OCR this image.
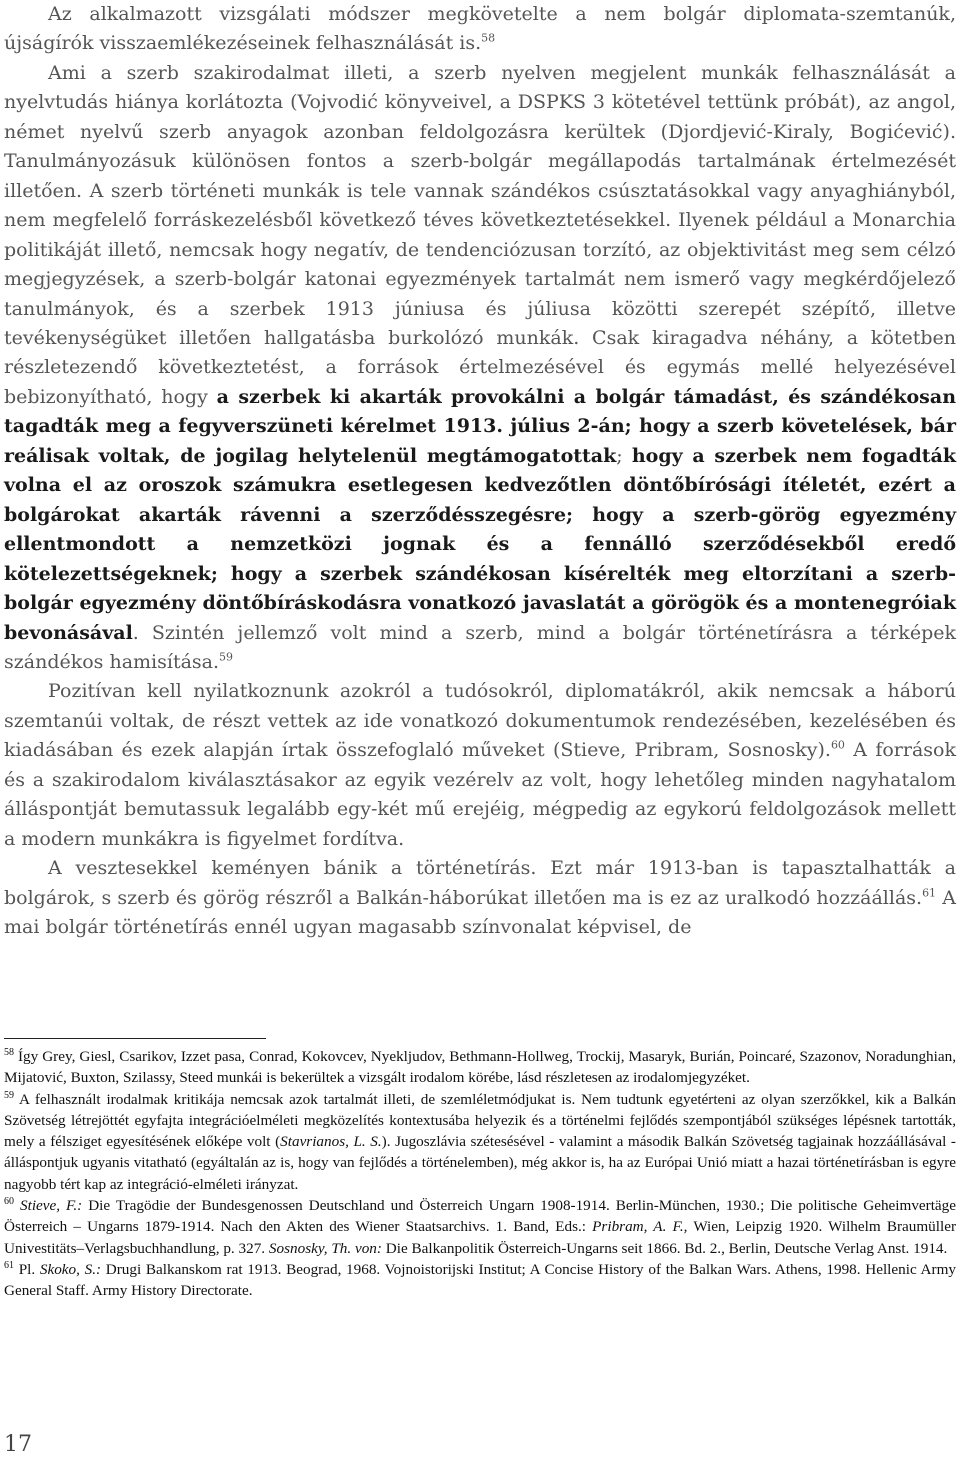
Az alkalmazott vizsgálati módszer megkövetelte a nem bolgár diplomata-szemtanúk, újságírók visszaemlékezéseinek felhasználását is.$^{58}$

Ami a szerb szakirodalmat illeti, a szerb nyelven megjelent munkák felhasználását a nyelvtudás hiánya korlátozta (Vojvodić könyveivel, a DSPKS 3 kötetével tettünk próbát), az angol, német nyelvű szerb anyagok azonban feldolgozásra kerültek (Djordjević-Kiraly, Bogićević). Tanulmányozásuk különösen fontos a szerb-bolgár megállapodás tartalmának értelmezését illetően. A szerb történeti munkák is tele vannak szándékos csúsztatásokkal vagy anyaghiányból, nem megfelelő forráskezelésből következő téves következtetésekkel. Ilyenek például a Monarchia politikáját illető, nemcsak hogy negatív, de tendenciózusan torzító, az objektivitást meg sem célzó megjegyzések, a szerb-bolgár katonai egyezmények tartalmát nem ismerő vagy megkérdőjelező tanulmányok, és a szerbek 1913 júniusa és júliusa közötti szerepét szépítő, illetve tevékenységüket illetően hallgatásba burkolózó munkák. Csak kiragadva néhány, a kötetben részletezendő következtetést, a források értelmezésével és egymás mellé helyezésével bebizonyítható, hogy a szerbek ki akarták provokálni a bolgár támadást, és szándékosan tagadták meg a fegyverszüneti kérelmet 1913. július 2-án; hogy a szerb követelések, bár reálisak voltak, de jogilag helytelenül megtámogatottak; hogy a szerbek nem fogadták volna el az oroszok számukra esetlegesen kedvezőtlen döntőbírósági ítéletét, ezért a bolgárokat akarták rávenni a szerződésszegésre; hogy a szerb-görög egyezmény ellentmondott a nemzetközi jognak és a fennálló szerződésekből eredő kötelezettségeknek; hogy a szerbek szándékosan kísérelték meg eltorzítani a szerb-bolgár egyezmény döntőbíráskodásra vonatkozó javaslatát a görögök és a montenegróiak bevonásával. Szintén jellemző volt mind a szerb, mind a bolgár történetírásra a térképek szándékos hamisítása.$^{59}$

Pozitívan kell nyilatkoznunk azokról a tudósokról, diplomatákról, akik nemcsak a háború szemtanúi voltak, de részt vettek az ide vonatkozó dokumentumok rendezésében, kezelésében és kiadásában és ezek alapján írtak összefoglaló műveket (Stieve, Pribram, Sosnosky).$^{60}$ A források és a szakirodalom kiválasztásakor az egyik vezérelv az volt, hogy lehetőleg minden nagyhatalom álláspontját bemutassuk legalább egy-két mű erejéig, mégpedig az egykorú feldolgozások mellett a modern munkákra is figyelmet fordítva.

A vesztesekkel keményen bánik a történetírás. Ezt már 1913-ban is tapasztalhatták a bolgárok, s szerb és görög részről a Balkán-háborúkat illetően ma is ez az uralkodó hozzáállás.$^{61}$ A mai bolgár történetírás ennél ugyan magasabb színvonalat képvisel, de

$^{58}$ Így Grey, Giesl, Csarikov, Izzet pasa, Conrad, Kokovcev, Nyekljudov, Bethmann-Hollweg, Trockij, Masaryk, Burián, Poincaré, Szazonov, Noradunghian, Mijatović, Buxton, Szilassy, Steed munkái is bekerültek a vizsgált irodalom körébe, lásd részletesen az irodalomjegyzéket.

$^{59}$ A felhasznált irodalmak kritikája nemcsak azok tartalmát illeti, de szemléletmódjukat is. Nem tudtunk egyetérteni az olyan szerzőkkel, kik a Balkán Szövetség létrejöttét egyfajta integrációelméleti megközelítés kontextusába helyezik és a történelmi fejlődés szempontjából szükséges lépésnek tartották, mely a félsziget egyesítésének előképe volt (Stavrianos, L. S.). Jugoszlávia szétesésével - valamint a második Balkán Szövetség tagjainak hozzáállásával - álláspontjuk ugyanis vitatható (egyáltalán az is, hogy van fejlődés a történelemben), még akkor is, ha az Európai Unió miatt a hazai történetírásban is egyre nagyobb tért kap az integráció-elméleti irányzat.

$^{60}$ Stieve, F.: Die Tragödie der Bundesgenossen Deutschland und Österreich Ungarn 1908-1914. Berlin-München, 1930.; Die politische Geheimvertäge Österreich – Ungarns 1879-1914. Nach den Akten des Wiener Staatsarchivs. 1. Band, Eds.: Pribram, A. F., Wien, Leipzig 1920. Wilhelm Braumüller Univestitäts–Verlagsbuchhandlung, p. 327. Sosnosky, Th. von: Die Balkanpolitik Österreich-Ungarns seit 1866. Bd. 2., Berlin, Deutsche Verlag Anst. 1914.

$^{61}$ Pl. Skoko, S.: Drugi Balkanskom rat 1913. Beograd, 1968. Vojnoistorijski Institut; A Concise History of the Balkan Wars. Athens, 1998. Hellenic Army General Staff. Army History Directorate.

17
